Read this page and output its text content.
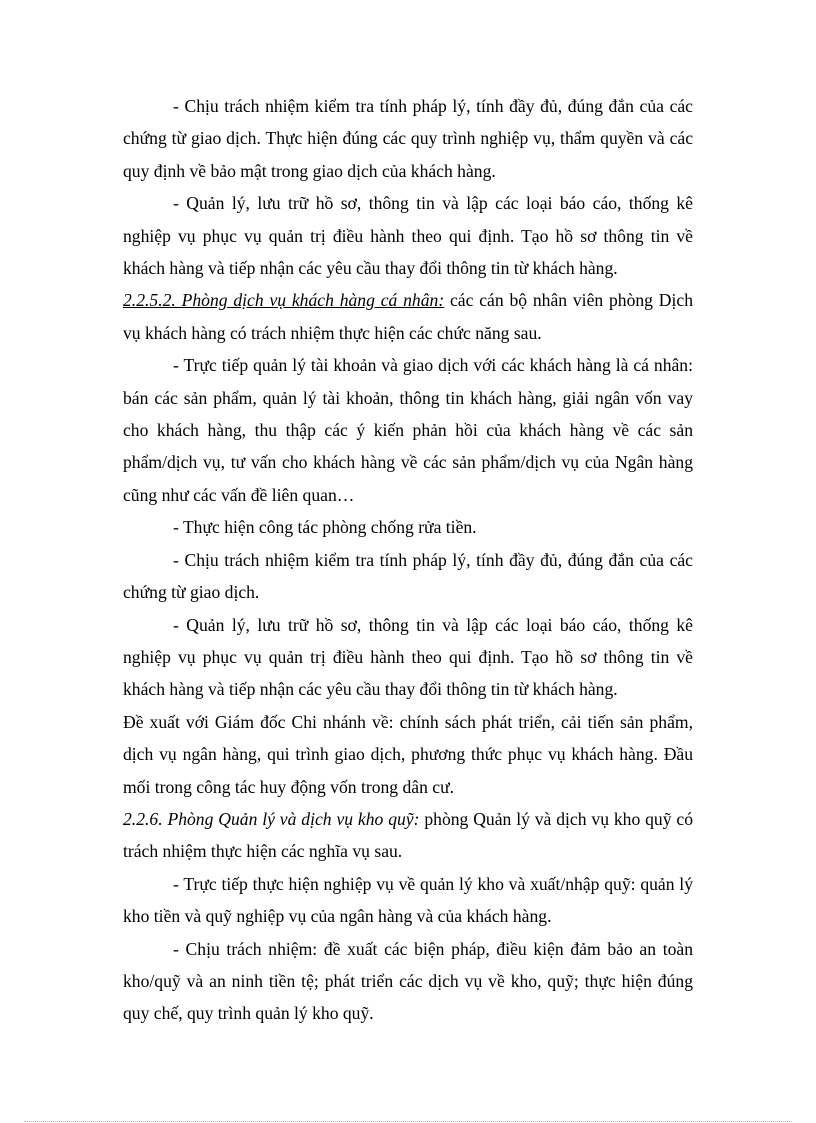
- Chịu trách nhiệm kiểm tra tính pháp lý, tính đầy đủ, đúng đắn của các chứng từ giao dịch. Thực hiện đúng các quy trình nghiệp vụ, thẩm quyền và các quy định về bảo mật trong giao dịch của khách hàng.

- Quản lý, lưu trữ hồ sơ, thông tin và lập các loại báo cáo, thống kê nghiệp vụ phục vụ quản trị điều hành theo qui định. Tạo hồ sơ thông tin về khách hàng và tiếp nhận các yêu cầu thay đổi thông tin từ khách hàng.

2.2.5.2. Phòng dịch vụ khách hàng cá nhân: các cán bộ nhân viên phòng Dịch vụ khách hàng có trách nhiệm thực hiện các chức năng sau.

- Trực tiếp quản lý tài khoản và giao dịch với các khách hàng là cá nhân: bán các sản phẩm, quản lý tài khoản, thông tin khách hàng, giải ngân vốn vay cho khách hàng, thu thập các ý kiến phản hồi của khách hàng về các sản phẩm/dịch vụ, tư vấn cho khách hàng về các sản phẩm/dịch vụ của Ngân hàng cũng như các vấn đề liên quan…

- Thực hiện công tác phòng chống rửa tiền.

- Chịu trách nhiệm kiểm tra tính pháp lý, tính đầy đủ, đúng đắn của các chứng từ giao dịch.

- Quản lý, lưu trữ hồ sơ, thông tin và lập các loại báo cáo, thống kê nghiệp vụ phục vụ quản trị điều hành theo qui định. Tạo hồ sơ thông tin về khách hàng và tiếp nhận các yêu cầu thay đổi thông tin từ khách hàng.

Đề xuất với Giám đốc Chi nhánh về: chính sách phát triển, cải tiến sản phẩm, dịch vụ ngân hàng, qui trình giao dịch, phương thức phục vụ khách hàng. Đầu mối trong công tác huy động vốn trong dân cư.

2.2.6. Phòng Quản lý và dịch vụ kho quỹ: phòng Quản lý và dịch vụ kho quỹ có trách nhiệm thực hiện các nghĩa vụ sau.

- Trực tiếp thực hiện nghiệp vụ về quản lý kho và xuất/nhập quỹ: quản lý kho tiền và quỹ nghiệp vụ của ngân hàng và của khách hàng.

- Chịu trách nhiệm: đề xuất các biện pháp, điều kiện đảm bảo an toàn kho/quỹ và an ninh tiền tệ; phát triển các dịch vụ về kho, quỹ; thực hiện đúng quy chế, quy trình quản lý kho quỹ.
